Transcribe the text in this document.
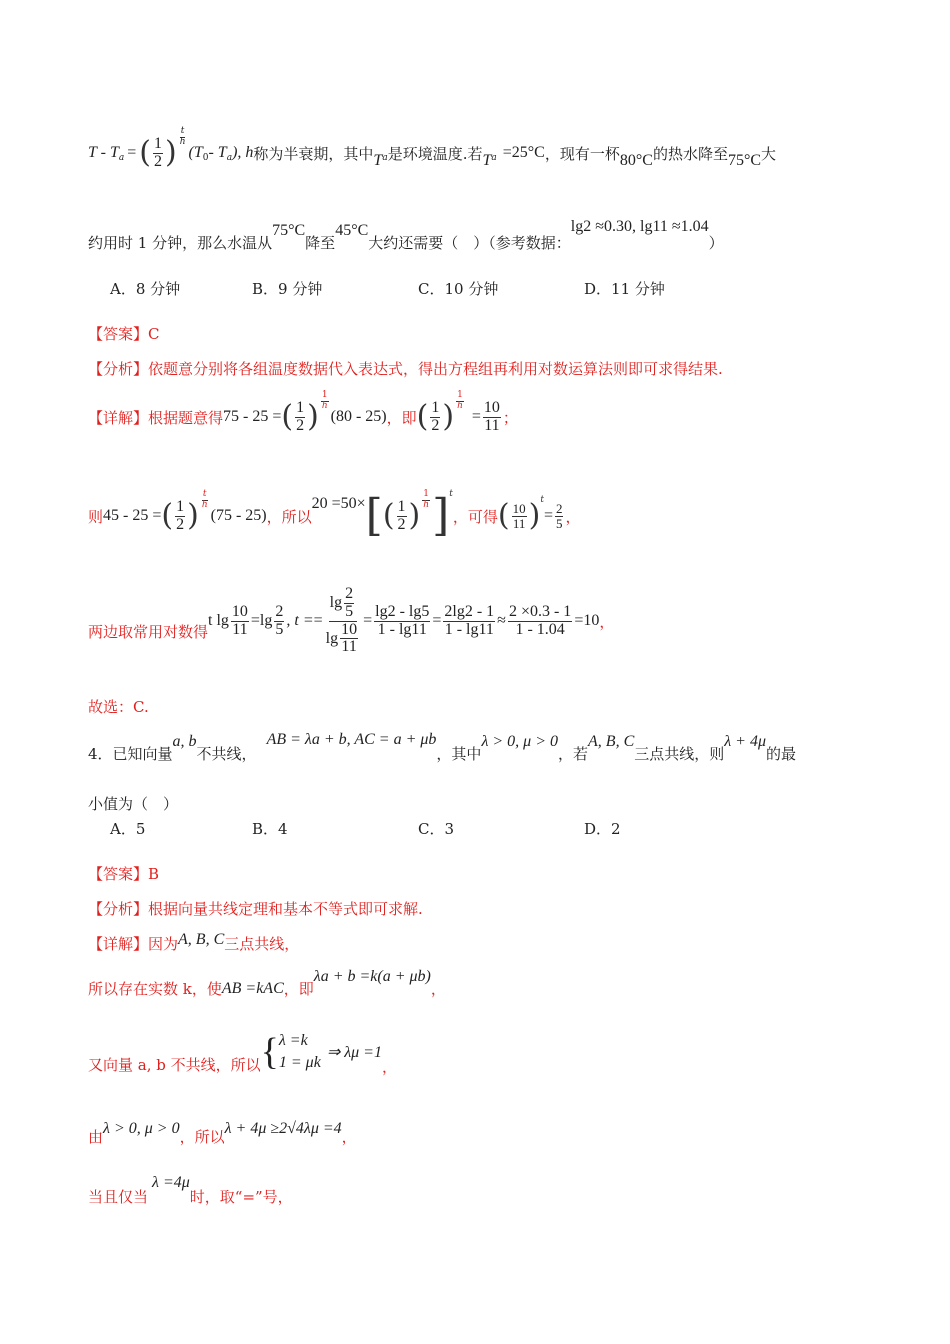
T - T a = ( $\frac{1}{2}$ ) $\frac{t}{h}$
(T 0 - T a ), h 称为半衰期，其中 T a 是环境温度.若 T a =25°C ，现有一杯 80°C 的热水降至 75°C 大
约用时 1 分钟，那么水温从
75°C
降至
45°C
大约还需要（　）（参考数据：
lg2 ≈0.30, lg11 ≈1.04
）
A．8 分钟	B．9 分钟	C．10 分钟	D．11 分钟
【答案】 C
【分析】 依题意分别将各组温度数据代入表达式，得出方程组再利用对数运算法则即可求得结果.
【详解】 根据题意得 75 - 25 = ( $\frac{1}{2}$ ) $\frac{1}{h}$
(80 - 25) ，即 ( $\frac{1}{2}$ ) $\frac{1}{h}$
= $\frac{10}{11}$ ；
则 45 - 25 = ( $\frac{1}{2}$ ) $\frac{t}{h}$
(75 - 25) ，所以
20 =50× [ ( $\frac{1}{2}$ ) $\frac{1}{h}$ ] t
，可得 ( $\frac{10}{11}$ ) t
= $\frac{2}{5}$ ，
两边取常用对数得
t $\lg \frac{10}{11} =\lg \frac{2}{5}$ , t = = $\frac{\lg \frac{2}{5}}{\lg \frac{10}{11}} = \frac{\lg 2 - \lg 5}{1 - \lg 11} = \frac{2\lg 2 - 1}{1 - \lg 11} \approx \frac{2 \times 0.3 - 1}{1 - 1.04} =10$ ，
故选：C.
4．已知向量
a, b
不共线，
AB = λa + b, AC = a + μb
，其中
λ > 0, μ > 0
，若
A, B, C
三点共线，则
λ + 4μ
的最
小值为（　）
A．5	B．4	C．3	D．2
【答案】 B
【分析】 根据向量共线定理和基本不等式即可求解.
【详解】 因为 A, B, C 三点共线，
所以存在实数 k，使 AB =kAC ，即
λa + b =k(a + μb)
，
又向量 a, b 不共线，所以 { λ =k
1 = μk
⇒ λμ =1
，
由 λ > 0, μ > 0 ，所以 λ + 4μ ≥2√4λμ =4 ，
当且仅当
λ =4μ
时，取“=”号，
